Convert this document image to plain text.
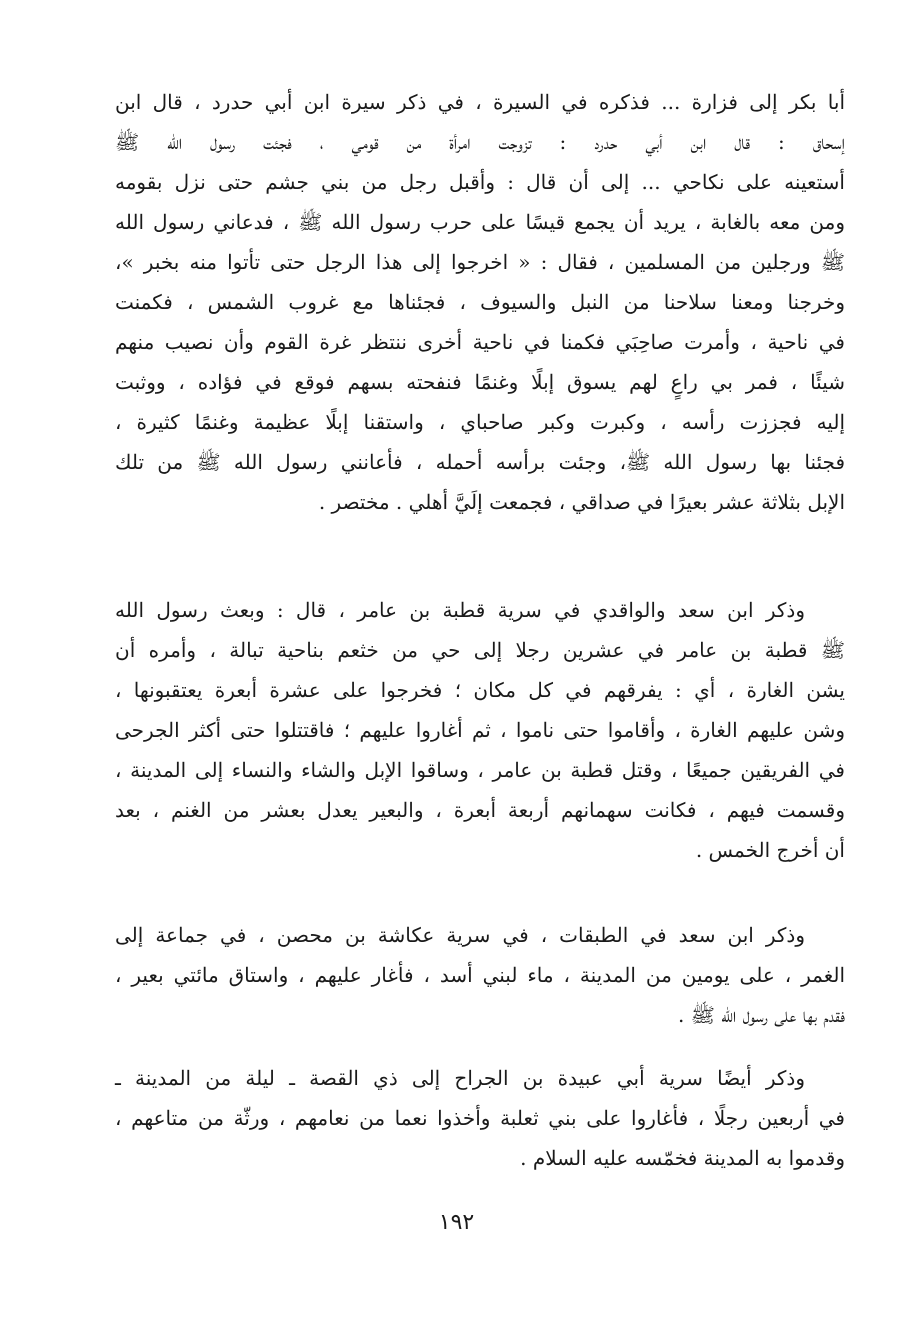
أبا بكر إلى فزارة ... فذكره في السيرة ، في ذكر سيرة ابن أبي حدرد ، قال ابن
إسحاق : قال ابن أبي حدرد : تزوجت امرأة من قومي ، فجئت رسول الله ﷺ
أستعينه على نكاحي ... إلى أن قال : وأقبل رجل من بني جشم حتى نزل بقومه
ومن معه بالغابة ، يريد أن يجمع قيسًا على حرب رسول الله ﷺ ، فدعاني رسول الله
ﷺ ورجلين من المسلمين ، فقال : « اخرجوا إلى هذا الرجل حتى تأتوا منه بخبر »،
وخرجنا ومعنا سلاحنا من النبل والسيوف ، فجئناها مع غروب الشمس ، فكمنت
في ناحية ، وأمرت صاحِبَي فكمنا في ناحية أخرى ننتظر غرة القوم وأن نصيب منهم
شيئًا ، فمر بي راعٍ لهم يسوق إبلًا وغنمًا فنفحته بسهم فوقع في فؤاده ، ووثبت
إليه فجززت رأسه ، وكبرت وكبر صاحباي ، واستقنا إبلًا عظيمة وغنمًا كثيرة ،
فجئنا بها رسول الله ﷺ، وجئت برأسه أحمله ، فأعانني رسول الله ﷺ من تلك
الإبل بثلاثة عشر بعيرًا في صداقي ، فجمعت إلَيَّ أهلي . مختصر .
وذكر ابن سعد والواقدي في سرية قطبة بن عامر ، قال : وبعث رسول الله
ﷺ قطبة بن عامر في عشرين رجلا إلى حي من خثعم بناحية تبالة ، وأمره أن
يشن الغارة ، أي : يفرقهم في كل مكان ؛ فخرجوا على عشرة أبعرة يعتقبونها ،
وشن عليهم الغارة ، وأقاموا حتى ناموا ، ثم أغاروا عليهم ؛ فاقتتلوا حتى أكثر الجرحى
في الفريقين جميعًا ، وقتل قطبة بن عامر ، وساقوا الإبل والشاء والنساء إلى المدينة ،
وقسمت فيهم ، فكانت سهمانهم أربعة أبعرة ، والبعير يعدل بعشر من الغنم ، بعد
أن أخرج الخمس .
وذكر ابن سعد في الطبقات ، في سرية عكاشة بن محصن ، في جماعة إلى
الغمر ، على يومين من المدينة ، ماء لبني أسد ، فأغار عليهم ، واستاق مائتي بعير ،
فقدم بها على رسول الله ﷺ .
وذكر أيضًا سرية أبي عبيدة بن الجراح إلى ذي القصة ـ ليلة من المدينة ـ
في أربعين رجلًا ، فأغاروا على بني ثعلبة وأخذوا نعما من نعامهم ، ورثّة من متاعهم ،
وقدموا به المدينة فخمّسه عليه السلام .
١٩٢
